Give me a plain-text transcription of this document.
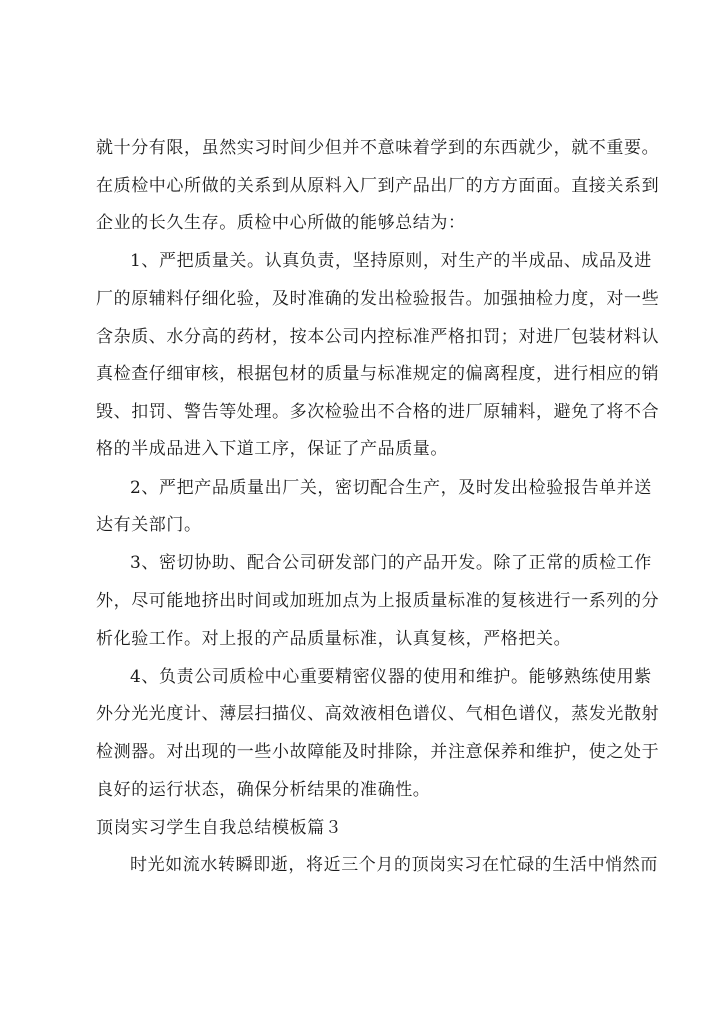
就十分有限，虽然实习时间少但并不意味着学到的东西就少，就不重要。
在质检中心所做的关系到从原料入厂到产品出厂的方方面面。直接关系到
企业的长久生存。质检中心所做的能够总结为：
1、严把质量关。认真负责，坚持原则，对生产的半成品、成品及进
厂的原辅料仔细化验，及时准确的发出检验报告。加强抽检力度，对一些
含杂质、水分高的药材，按本公司内控标准严格扣罚；对进厂包装材料认
真检查仔细审核，根据包材的质量与标准规定的偏离程度，进行相应的销
毁、扣罚、警告等处理。多次检验出不合格的进厂原辅料，避免了将不合
格的半成品进入下道工序，保证了产品质量。
2、严把产品质量出厂关，密切配合生产，及时发出检验报告单并送
达有关部门。
3、密切协助、配合公司研发部门的产品开发。除了正常的质检工作
外，尽可能地挤出时间或加班加点为上报质量标准的复核进行一系列的分
析化验工作。对上报的产品质量标准，认真复核，严格把关。
4、负责公司质检中心重要精密仪器的使用和维护。能够熟练使用紫
外分光光度计、薄层扫描仪、高效液相色谱仪、气相色谱仪，蒸发光散射
检测器。对出现的一些小故障能及时排除，并注意保养和维护，使之处于
良好的运行状态，确保分析结果的准确性。
顶岗实习学生自我总结模板篇３
时光如流水转瞬即逝，将近三个月的顶岗实习在忙碌的生活中悄然而
